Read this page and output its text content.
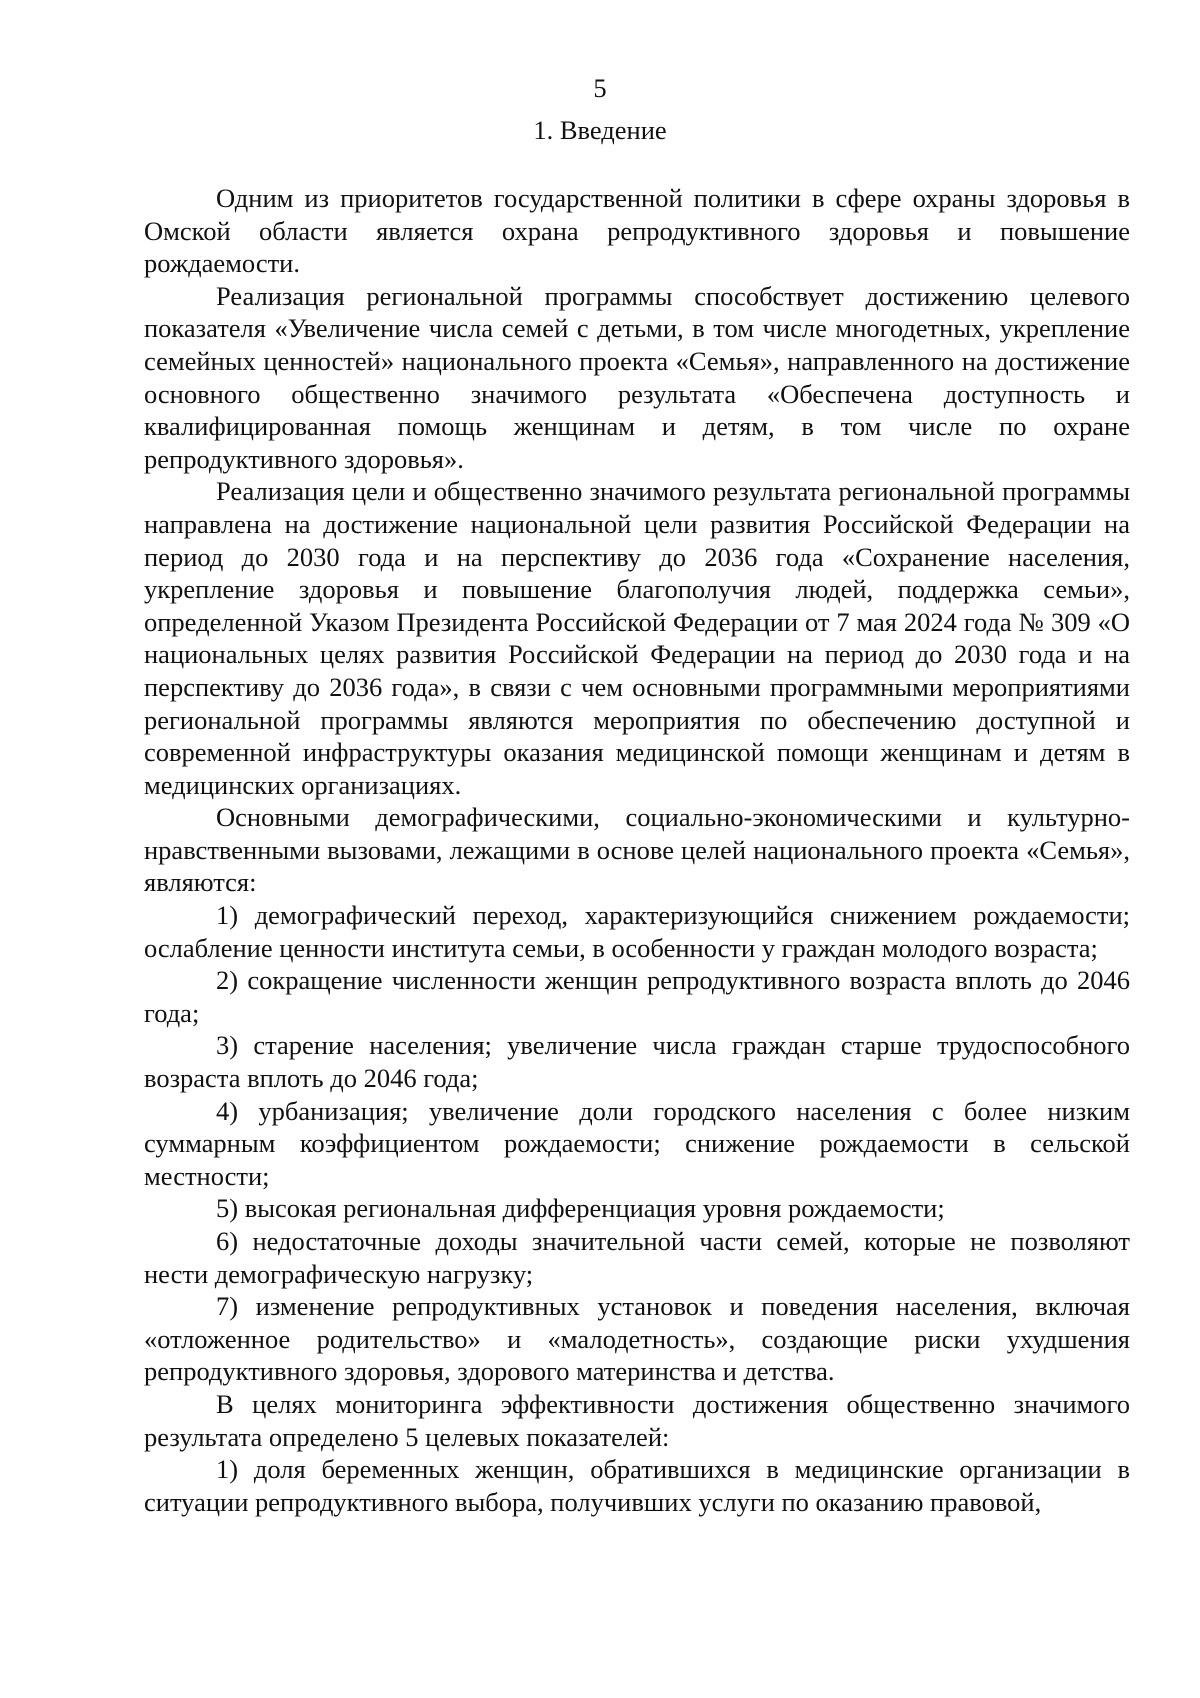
5
1. Введение

Одним из приоритетов государственной политики в сфере охраны здоровья в Омской области является охрана репродуктивного здоровья и повышение рождаемости.

Реализация региональной программы способствует достижению целевого показателя «Увеличение числа семей с детьми, в том числе многодетных, укрепление семейных ценностей» национального проекта «Семья», направленного на достижение основного общественно значимого результата «Обеспечена доступность и квалифицированная помощь женщинам и детям, в том числе по охране репродуктивного здоровья».

Реализация цели и общественно значимого результата региональной программы направлена на достижение национальной цели развития Российской Федерации на период до 2030 года и на перспективу до 2036 года «Сохранение населения, укрепление здоровья и повышение благополучия людей, поддержка семьи», определенной Указом Президента Российской Федерации от 7 мая 2024 года № 309 «О национальных целях развития Российской Федерации на период до 2030 года и на перспективу до 2036 года», в связи с чем основными программными мероприятиями региональной программы являются мероприятия по обеспечению доступной и современной инфраструктуры оказания медицинской помощи женщинам и детям в медицинских организациях.

Основными демографическими, социально-экономическими и культурно-нравственными вызовами, лежащими в основе целей национального проекта «Семья», являются:

1) демографический переход, характеризующийся снижением рождаемости; ослабление ценности института семьи, в особенности у граждан молодого возраста;

2) сокращение численности женщин репродуктивного возраста вплоть до 2046 года;

3) старение населения; увеличение числа граждан старше трудоспособного возраста вплоть до 2046 года;

4) урбанизация; увеличение доли городского населения с более низким суммарным коэффициентом рождаемости; снижение рождаемости в сельской местности;

5) высокая региональная дифференциация уровня рождаемости;

6) недостаточные доходы значительной части семей, которые не позволяют нести демографическую нагрузку;

7) изменение репродуктивных установок и поведения населения, включая «отложенное родительство» и «малодетность», создающие риски ухудшения репродуктивного здоровья, здорового материнства и детства.

В целях мониторинга эффективности достижения общественно значимого результата определено 5 целевых показателей:

1) доля беременных женщин, обратившихся в медицинские организации в ситуации репродуктивного выбора, получивших услуги по оказанию правовой,
